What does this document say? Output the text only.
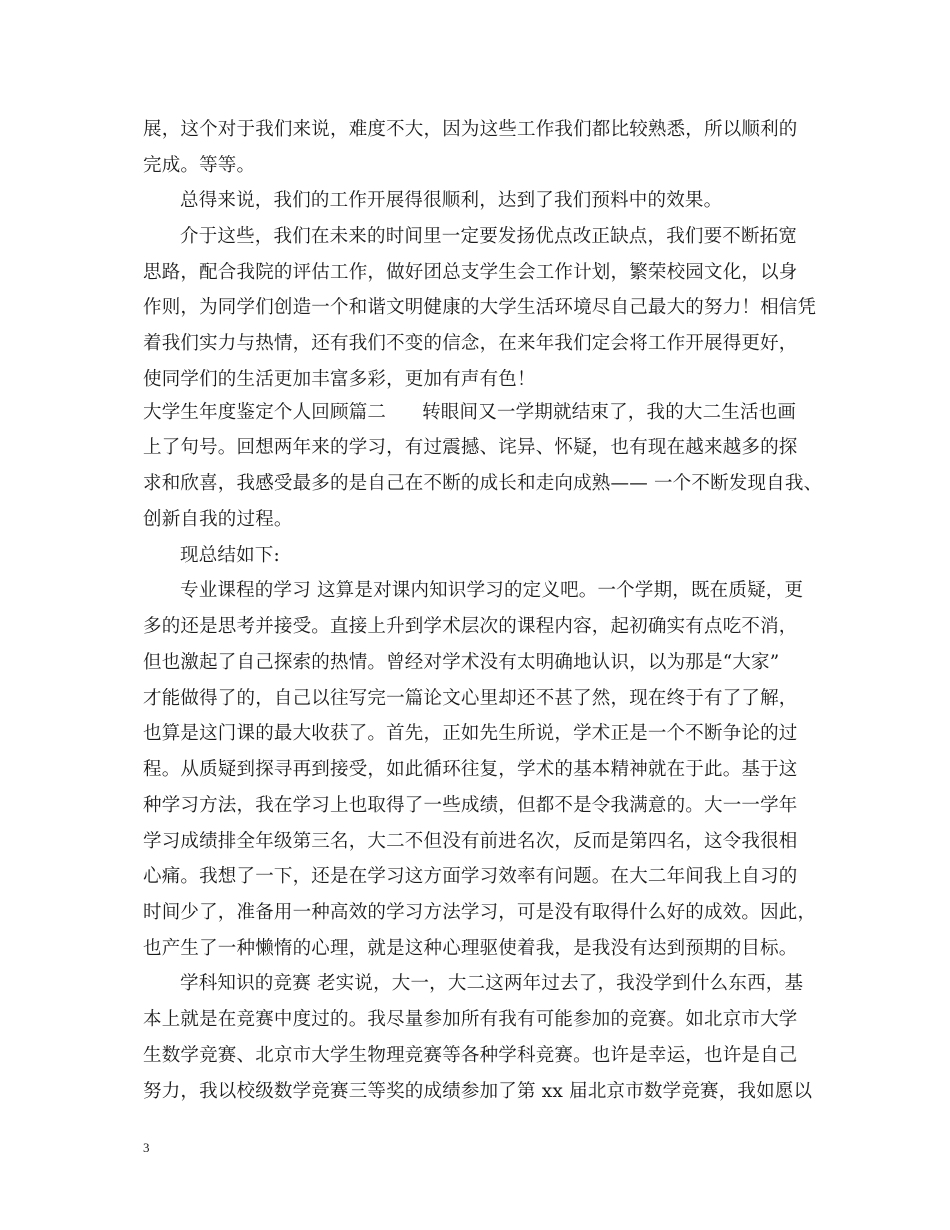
展，这个对于我们来说，难度不大，因为这些工作我们都比较熟悉，所以顺利的
完成。等等。
总得来说，我们的工作开展得很顺利，达到了我们预料中的效果。
介于这些，我们在未来的时间里一定要发扬优点改正缺点，我们要不断拓宽
思路，配合我院的评估工作，做好团总支学生会工作计划，繁荣校园文化，以身
作则，为同学们创造一个和谐文明健康的大学生活环境尽自己最大的努力！相信凭
着我们实力与热情，还有我们不变的信念，在来年我们定会将工作开展得更好，
使同学们的生活更加丰富多彩，更加有声有色！
大学生年度鉴定个人回顾篇二 转眼间又一学期就结束了，我的大二生活也画
上了句号。回想两年来的学习，有过震撼、诧异、怀疑，也有现在越来越多的探
求和欣喜，我感受最多的是自己在不断的成长和走向成熟—— 一个不断发现自我、
创新自我的过程。
现总结如下:
专业课程的学习 这算是对课内知识学习的定义吧。一个学期，既在质疑，更
多的还是思考并接受。直接上升到学术层次的课程内容，起初确实有点吃不消，
但也激起了自己探索的热情。曾经对学术没有太明确地认识，以为那是“大家”
才能做得了的，自己以往写完一篇论文心里却还不甚了然，现在终于有了了解，
也算是这门课的最大收获了。首先，正如先生所说，学术正是一个不断争论的过
程。从质疑到探寻再到接受，如此循环往复，学术的基本精神就在于此。基于这
种学习方法，我在学习上也取得了一些成绩，但都不是令我满意的。大一一学年
学习成绩排全年级第三名，大二不但没有前进名次，反而是第四名，这令我很相
心痛。我想了一下，还是在学习这方面学习效率有问题。在大二年间我上自习的
时间少了，准备用一种高效的学习方法学习，可是没有取得什么好的成效。因此，
也产生了一种懒惰的心理，就是这种心理驱使着我，是我没有达到预期的目标。
学科知识的竞赛 老实说，大一，大二这两年过去了，我没学到什么东西，基
本上就是在竞赛中度过的。我尽量参加所有我有可能参加的竞赛。如北京市大学
生数学竞赛、北京市大学生物理竞赛等各种学科竞赛。也许是幸运，也许是自己
努力，我以校级数学竞赛三等奖的成绩参加了第 xx 届北京市数学竞赛，我如愿以
3
